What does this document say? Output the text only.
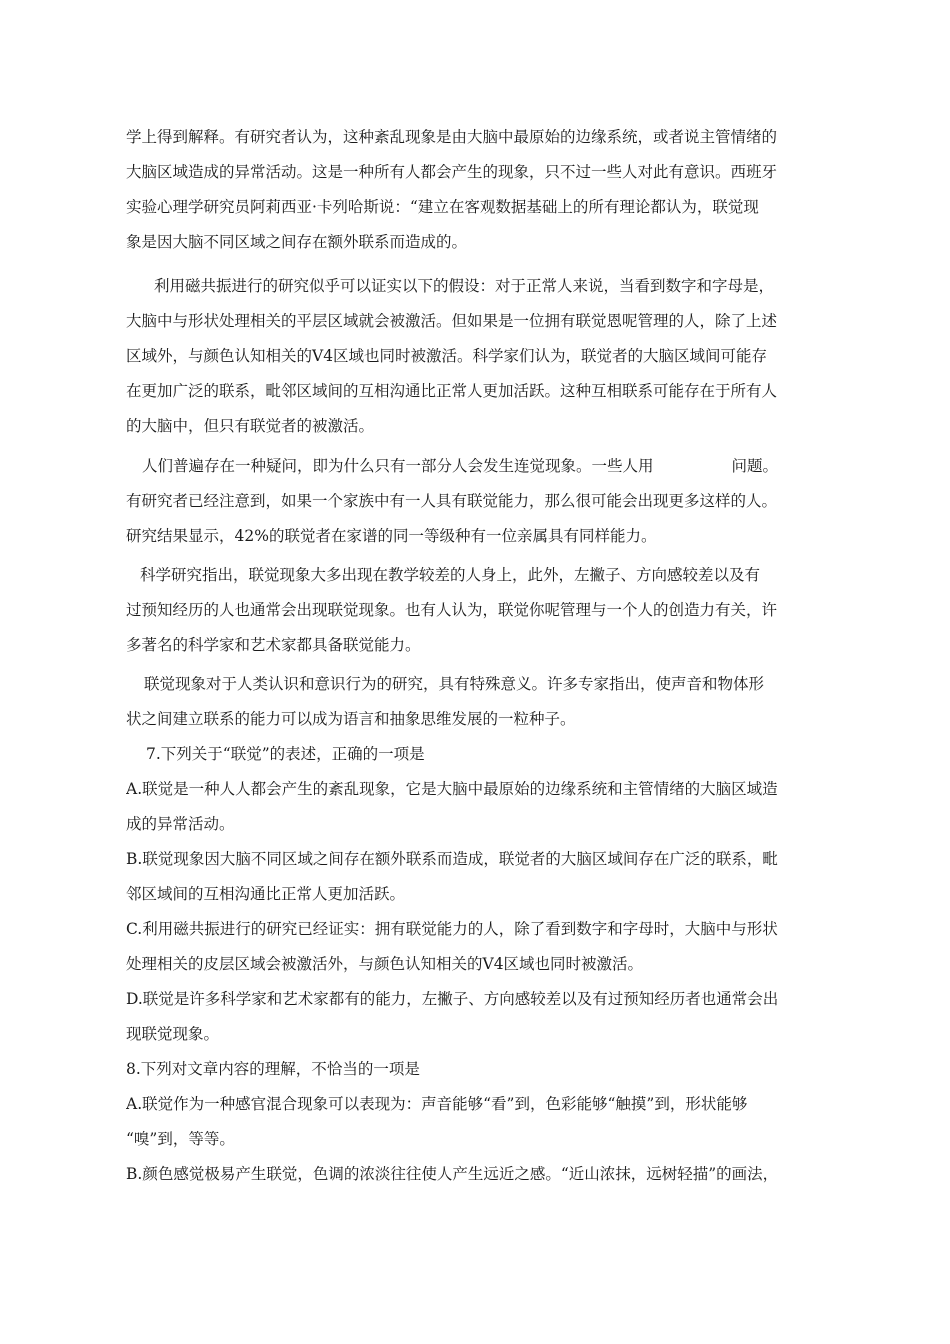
学上得到解释。有研究者认为，这种紊乱现象是由大脑中最原始的边缘系统，或者说主管情绪的
大脑区域造成的异常活动。这是一种所有人都会产生的现象，只不过一些人对此有意识。西班牙
实验心理学研究员阿莉西亚·卡列哈斯说：“建立在客观数据基础上的所有理论都认为，联觉现
象是因大脑不同区域之间存在额外联系而造成的。
利用磁共振进行的研究似乎可以证实以下的假设：对于正常人来说，当看到数字和字母是，
大脑中与形状处理相关的平层区域就会被激活。但如果是一位拥有联觉恩呢管理的人，除了上述
区域外，与颜色认知相关的V4区域也同时被激活。科学家们认为，联觉者的大脑区域间可能存
在更加广泛的联系，毗邻区域间的互相沟通比正常人更加活跃。这种互相联系可能存在于所有人
的大脑中，但只有联觉者的被激活。
人们普遍存在一种疑问，即为什么只有一部分人会发生连觉现象。一些人用	问题。
有研究者已经注意到，如果一个家族中有一人具有联觉能力，那么很可能会出现更多这样的人。
研究结果显示，42%的联觉者在家谱的同一等级种有一位亲属具有同样能力。
科学研究指出，联觉现象大多出现在教学较差的人身上，此外，左撇子、方向感较差以及有
过预知经历的人也通常会出现联觉现象。也有人认为，联觉你呢管理与一个人的创造力有关，许
多著名的科学家和艺术家都具备联觉能力。
联觉现象对于人类认识和意识行为的研究，具有特殊意义。许多专家指出，使声音和物体形
状之间建立联系的能力可以成为语言和抽象思维发展的一粒种子。
7.下列关于“联觉”的表述，正确的一项是
A.联觉是一种人人都会产生的紊乱现象，它是大脑中最原始的边缘系统和主管情绪的大脑区域造
成的异常活动。
B.联觉现象因大脑不同区域之间存在额外联系而造成，联觉者的大脑区域间存在广泛的联系，毗
邻区域间的互相沟通比正常人更加活跃。
C.利用磁共振进行的研究已经证实：拥有联觉能力的人，除了看到数字和字母时，大脑中与形状
处理相关的皮层区域会被激活外，与颜色认知相关的V4区域也同时被激活。
D.联觉是许多科学家和艺术家都有的能力，左撇子、方向感较差以及有过预知经历者也通常会出
现联觉现象。
8.下列对文章内容的理解，不恰当的一项是
A.联觉作为一种感官混合现象可以表现为：声音能够“看”到，色彩能够“触摸”到，形状能够
“嗅”到，等等。
B.颜色感觉极易产生联觉，色调的浓淡往往使人产生远近之感。“近山浓抹，远树轻描”的画法，
